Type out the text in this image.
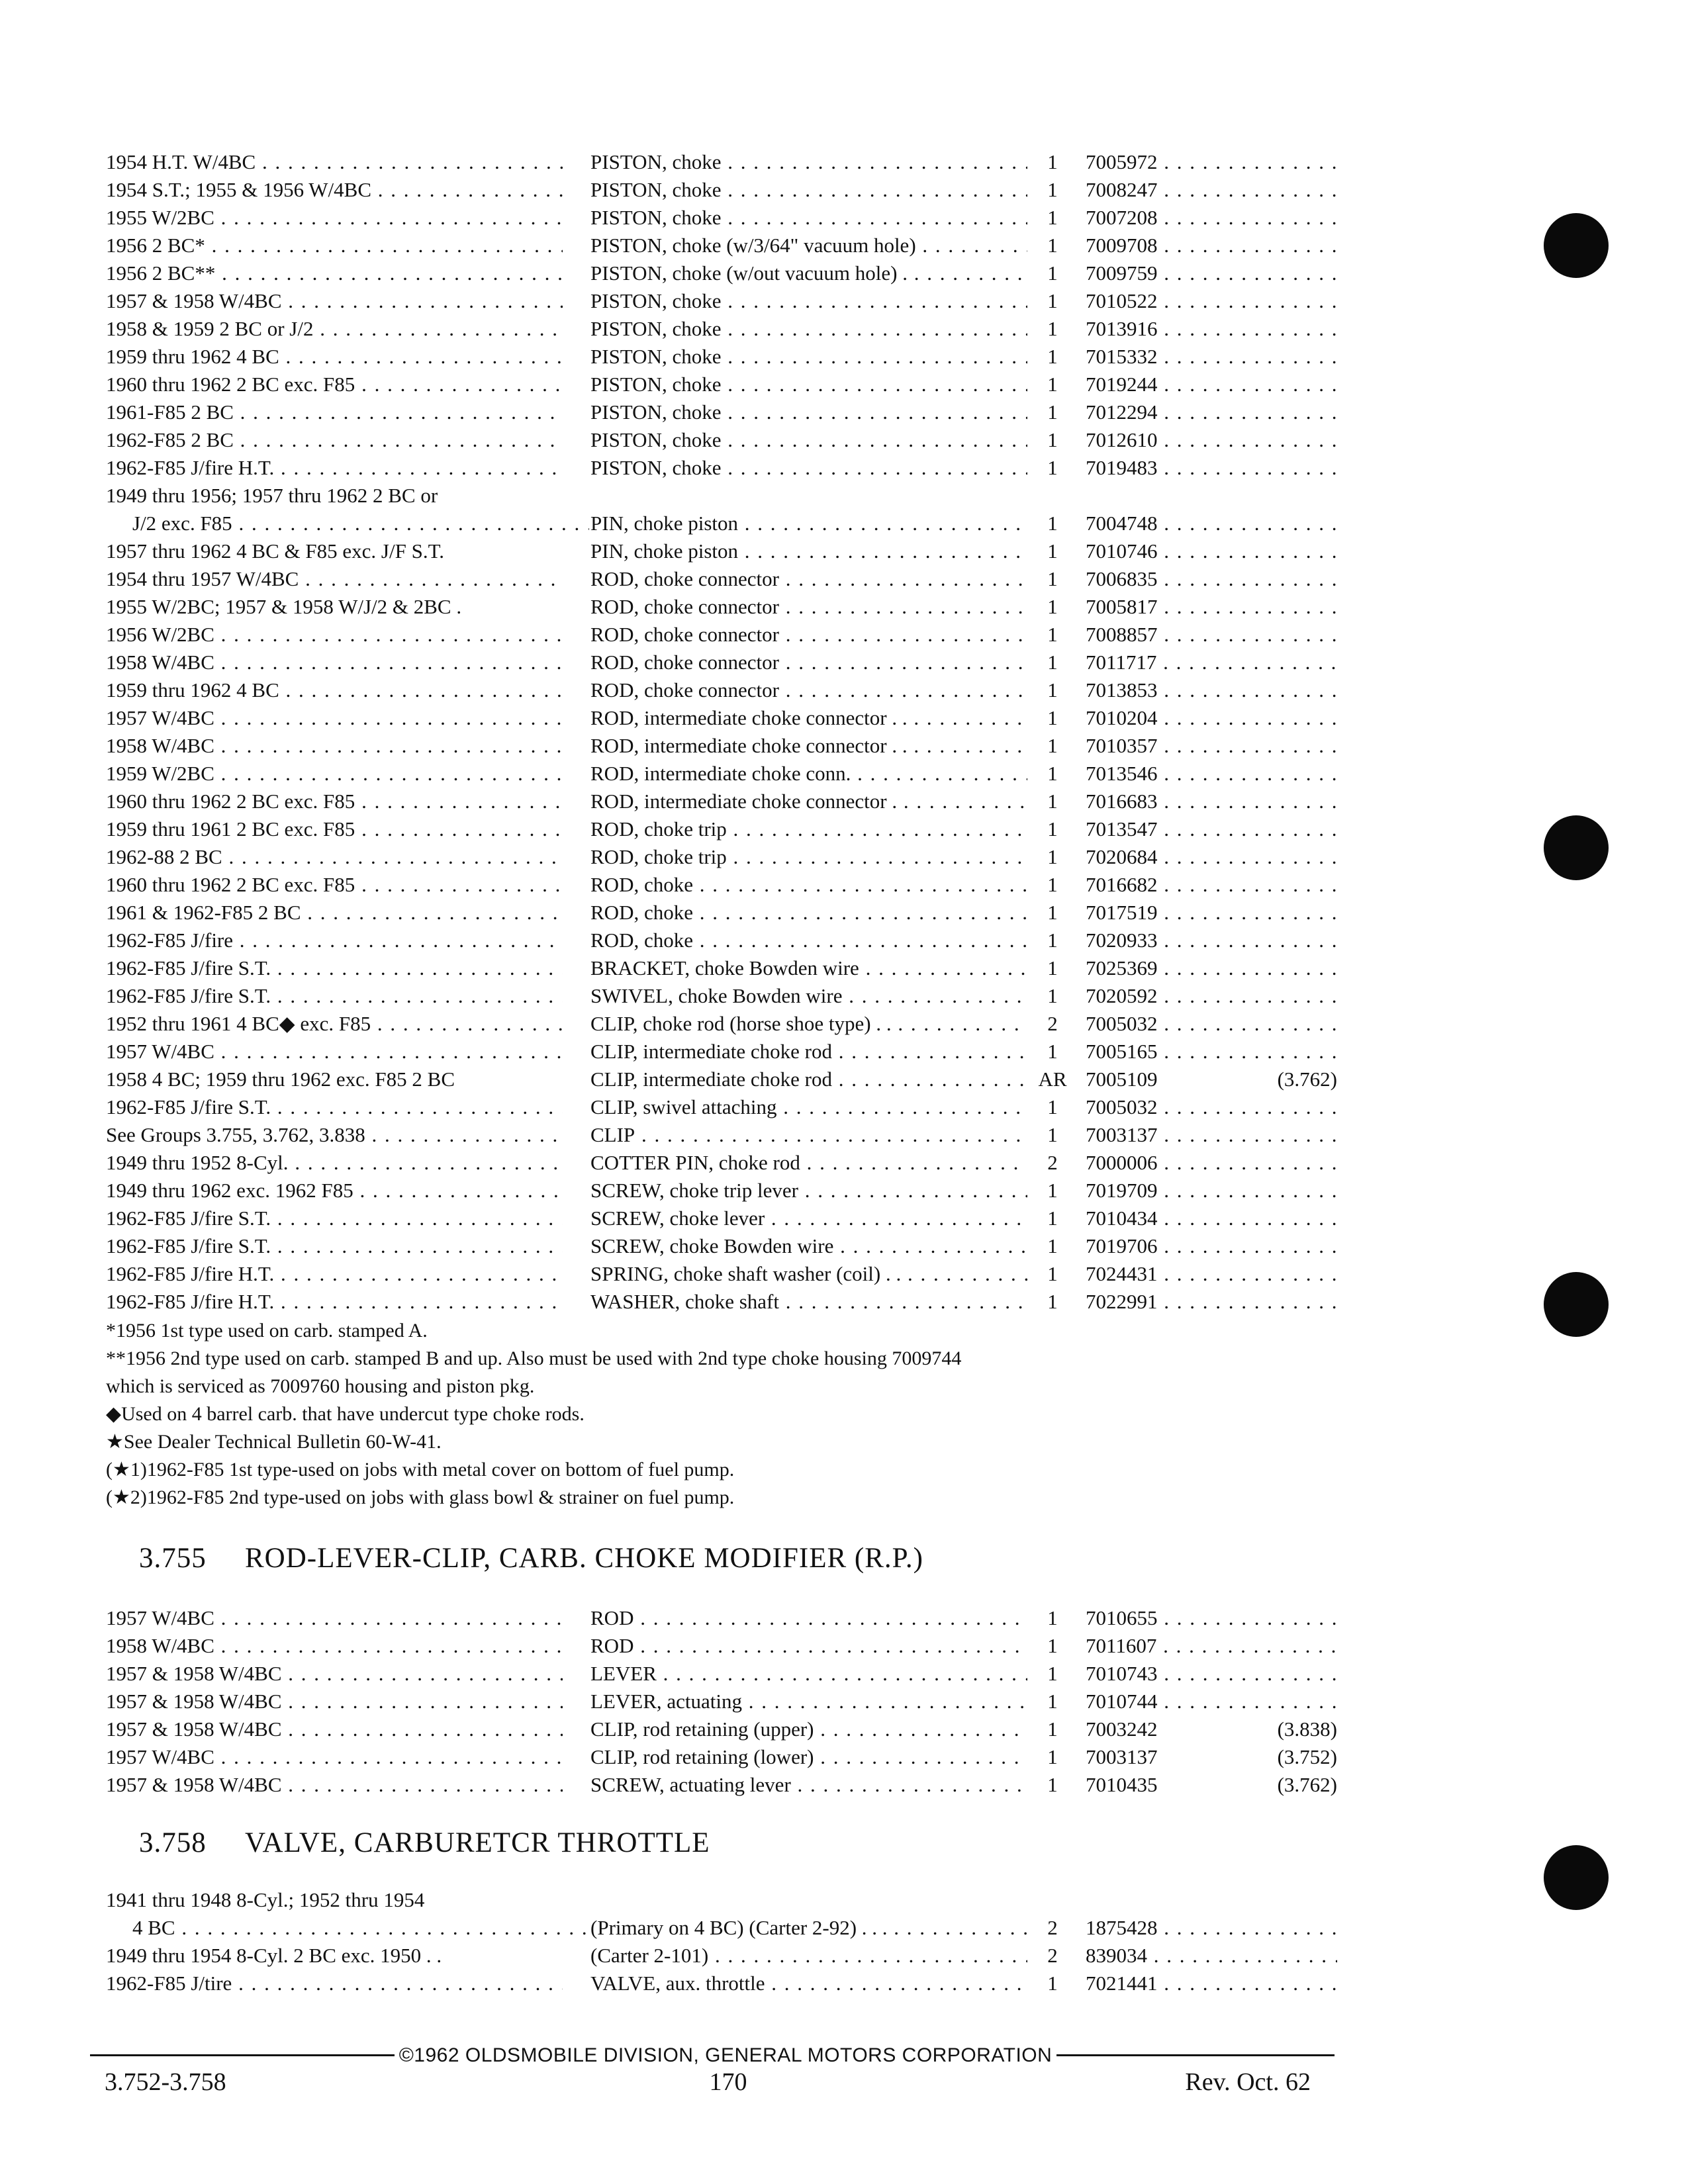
1954 H.T. W/4BC . . .	PISTON, choke . . .	1	7005972 . . .
1954 S.T.; 1955 & 1956 W/4BC . . .	PISTON, choke . . .	1	7008247 . . .
1955 W/2BC . . .	PISTON, choke . . .	1	7007208 . . .
1956 2 BC* . . .	PISTON, choke (w/3/64" vacuum hole) . . .	1	7009708 . . .
1956 2 BC** . . .	PISTON, choke (w/out vacuum hole) . . . .	1	7009759 . . .
1957 & 1958 W/4BC . . .	PISTON, choke . . .	1	7010522 . . .
1958 & 1959 2 BC or J/2 . . .	PISTON, choke . . .	1	7013916 . . .
1959 thru 1962 4 BC . . .	PISTON, choke . . .	1	7015332 . . .
1960 thru 1962 2 BC exc. F85 . . .	PISTON, choke . . .	1	7019244 . . .
1961-F85 2 BC . . .	PISTON, choke . . .	1	7012294 . . .
1962-F85 2 BC . . .	PISTON, choke . . .	1	7012610 . . .
1962-F85 J/fire H.T. . . .	PISTON, choke . . .	1	7019483 . . .
1949 thru 1956; 1957 thru 1962 2 BC or
J/2 exc. F85 . . .	PIN, choke piston . . .	1	7004748 . . .
1957 thru 1962 4 BC & F85 exc. J/F S.T.	PIN, choke piston . . .	1	7010746 . . .
1954 thru 1957 W/4BC . . .	ROD, choke connector . . .	1	7006835 . . .
1955 W/2BC; 1957 & 1958 W/J/2 & 2BC .	ROD, choke connector . . .	1	7005817 . . .
1956 W/2BC . . .	ROD, choke connector . . .	1	7008857 . . .
1958 W/4BC . . .	ROD, choke connector . . .	1	7011717 . . .
1959 thru 1962 4 BC . . .	ROD, choke connector . . .	1	7013853 . . .
1957 W/4BC . . .	ROD, intermediate choke connector . . . . .	1	7010204 . . .
1958 W/4BC . . .	ROD, intermediate choke connector . . . . .	1	7010357 . . .
1959 W/2BC . . .	ROD, intermediate choke conn. . . .	1	7013546 . . .
1960 thru 1962 2 BC exc. F85 . . .	ROD, intermediate choke connector . . . .	1	7016683 . . .
1959 thru 1961 2 BC exc. F85 . . .	ROD, choke trip . . .	1	7013547 . . .
1962-88 2 BC . . .	ROD, choke trip . . .	1	7020684 . . .
1960 thru 1962 2 BC exc. F85 . . .	ROD, choke . . .	1	7016682 . . .
1961 & 1962-F85 2 BC . . .	ROD, choke . . .	1	7017519 . . .
1962-F85 J/fire . . .	ROD, choke . . .	1	7020933 . . .
1962-F85 J/fire S.T. . . .	BRACKET, choke Bowden wire . . .	1	7025369 . . .
1962-F85 J/fire S.T. . . .	SWIVEL, choke Bowden wire . . .	1	7020592 . . .
1952 thru 1961 4 BC◆ exc. F85 . . .	CLIP, choke rod (horse shoe type) . . . . .	2	7005032 . . .
1957 W/4BC . . .	CLIP, intermediate choke rod . . .	1	7005165 . . .
1958 4 BC; 1959 thru 1962 exc. F85 2 BC	CLIP, intermediate choke rod . . .	AR 7005109	(3.762)
1962-F85 J/fire S.T. . . .	CLIP, swivel attaching . . .	1	7005032 . . .
See Groups 3.755, 3.762, 3.838 . . .	CLIP . . .	1	7003137 . . .
1949 thru 1952 8-Cyl. . . .	COTTER PIN, choke rod . . .	2	7000006 . . .
1949 thru 1962 exc. 1962 F85 . . .	SCREW, choke trip lever . . .	1	7019709 . . .
1962-F85 J/fire S.T. . . .	SCREW, choke lever . . .	1	7010434 . . .
1962-F85 J/fire S.T. . . .	SCREW, choke Bowden wire . . .	1	7019706 . . .
1962-F85 J/fire H.T. . . .	SPRING, choke shaft washer (coil) . . . . .	1	7024431 . . .
1962-F85 J/fire H.T. . . .	WASHER, choke shaft . . .	1	7022991 . . .
*1956 1st type used on carb. stamped A.
**1956 2nd type used on carb. stamped B and up. Also must be used with 2nd type choke housing 7009744
which is serviced as 7009760 housing and piston pkg.
◆Used on 4 barrel carb. that have undercut type choke rods.
★See Dealer Technical Bulletin 60-W-41.
(★1)1962-F85 1st type-used on jobs with metal cover on bottom of fuel pump.
(★2)1962-F85 2nd type-used on jobs with glass bowl & strainer on fuel pump.
3.755 ROD-LEVER-CLIP, CARB. CHOKE MODIFIER (R.P.)
1957 W/4BC . . .	ROD . . .	1	7010655 . . .
1958 W/4BC . . .	ROD . . .	1	7011607 . . .
1957 & 1958 W/4BC . . .	LEVER . . .	1	7010743 . . .
1957 & 1958 W/4BC . . .	LEVER, actuating . . .	1	7010744 . . .
1957 & 1958 W/4BC . . .	CLIP, rod retaining (upper) . . .	1	7003242	(3.838)
1957 W/4BC . . .	CLIP, rod retaining (lower) . . .	1	7003137	(3.752)
1957 & 1958 W/4BC . . .	SCREW, actuating lever . . .	1	7010435	(3.762)
3.758 VALVE, CARBURETCR THROTTLE
1941 thru 1948 8-Cyl.; 1952 thru 1954
4 BC . . .	(Primary on 4 BC) (Carter 2-92) . . . . . .	2	1875428 . . .
1949 thru 1954 8-Cyl. 2 BC exc. 1950 . .	(Carter 2-101) . . .	2	839034 . . .
1962-F85 J/tire . . .	VALVE, aux. throttle . . .	1	7021441 . . .
©1962 OLDSMOBILE DIVISION, GENERAL MOTORS CORPORATION
3.752-3.758	170	Rev. Oct. 62
